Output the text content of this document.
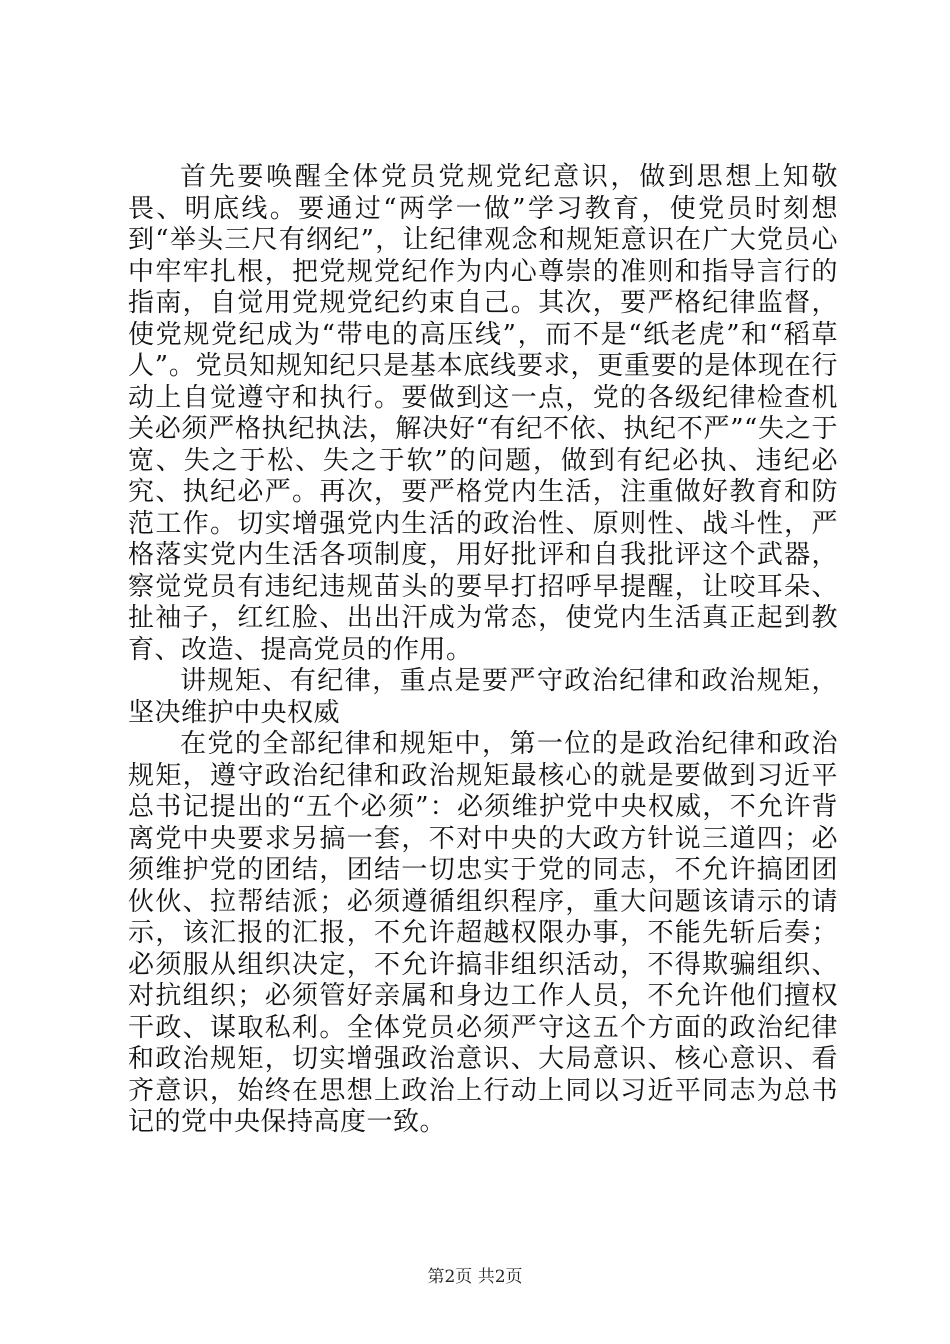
首先要唤醒全体党员党规党纪意识，做到思想上知敬畏、明底线。要通过“两学一做”学习教育，使党员时刻想到“举头三尺有纲纪”，让纪律观念和规矩意识在广大党员心中牢牢扎根，把党规党纪作为内心尊崇的准则和指导言行的指南，自觉用党规党纪约束自己。其次，要严格纪律监督，使党规党纪成为“带电的高压线”，而不是“纸老虎”和“稻草人”。党员知规知纪只是基本底线要求，更重要的是体现在行动上自觉遵守和执行。要做到这一点，党的各级纪律检查机关必须严格执纪执法，解决好“有纪不依、执纪不严”“失之于宽、失之于松、失之于软”的问题，做到有纪必执、违纪必究、执纪必严。再次，要严格党内生活，注重做好教育和防范工作。切实增强党内生活的政治性、原则性、战斗性，严格落实党内生活各项制度，用好批评和自我批评这个武器，察觉党员有违纪违规苗头的要早打招呼早提醒，让咬耳朵、扯袖子，红红脸、出出汗成为常态，使党内生活真正起到教育、改造、提高党员的作用。

讲规矩、有纪律，重点是要严守政治纪律和政治规矩，坚决维护中央权威

在党的全部纪律和规矩中，第一位的是政治纪律和政治规矩，遵守政治纪律和政治规矩最核心的就是要做到习近平总书记提出的“五个必须”：必须维护党中央权威，不允许背离党中央要求另搞一套，不对中央的大政方针说三道四；必须维护党的团结，团结一切忠实于党的同志，不允许搞团团伙伙、拉帮结派；必须遵循组织程序，重大问题该请示的请示，该汇报的汇报，不允许超越权限办事，不能先斩后奏；必须服从组织决定，不允许搞非组织活动，不得欺骗组织、对抗组织；必须管好亲属和身边工作人员，不允许他们擅权干政、谋取私利。全体党员必须严守这五个方面的政治纪律和政治规矩，切实增强政治意识、大局意识、核心意识、看齐意识，始终在思想上政治上行动上同以习近平同志为总书记的党中央保持高度一致。

第2页 共2页
